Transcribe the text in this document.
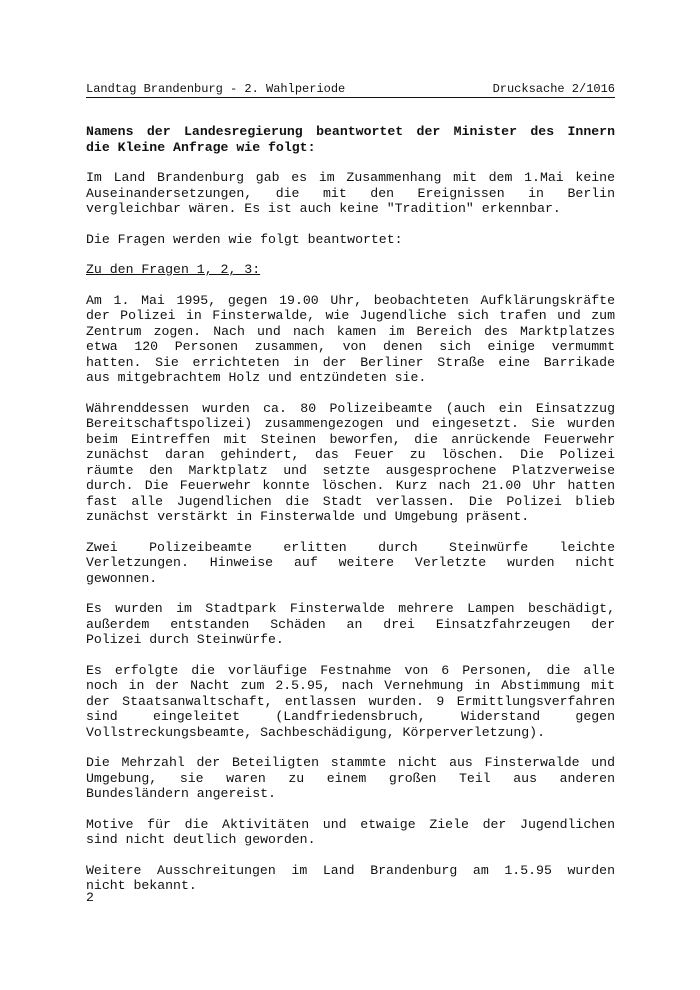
Landtag Brandenburg - 2. Wahlperiode	Drucksache 2/1016
Namens der Landesregierung beantwortet der Minister des Innern
die Kleine Anfrage wie folgt:
Im Land Brandenburg gab es im Zusammenhang mit dem 1.Mai keine
Auseinandersetzungen, die mit den Ereignissen in Berlin
vergleichbar wären. Es ist auch keine "Tradition" erkennbar.
Die Fragen werden wie folgt beantwortet:
Zu den Fragen 1, 2, 3:
Am 1. Mai 1995, gegen 19.00 Uhr, beobachteten Aufklärungskräfte
der Polizei in Finsterwalde, wie Jugendliche sich trafen und zum
Zentrum zogen. Nach und nach kamen im Bereich des Marktplatzes
etwa 120 Personen zusammen, von denen sich einige vermummt
hatten. Sie errichteten in der Berliner Straße eine Barrikade
aus mitgebrachtem Holz und entzündeten sie.
Währenddessen wurden ca. 80 Polizeibeamte (auch ein Einsatzzug
Bereitschaftspolizei) zusammengezogen und eingesetzt. Sie wurden
beim Eintreffen mit Steinen beworfen, die anrückende Feuerwehr
zunächst daran gehindert, das Feuer zu löschen. Die Polizei
räumte den Marktplatz und setzte ausgesprochene Platzverweise
durch. Die Feuerwehr konnte löschen. Kurz nach 21.00 Uhr hatten
fast alle Jugendlichen die Stadt verlassen. Die Polizei blieb
zunächst verstärkt in Finsterwalde und Umgebung präsent.
Zwei Polizeibeamte erlitten durch Steinwürfe leichte
Verletzungen. Hinweise auf weitere Verletzte wurden nicht
gewonnen.
Es wurden im Stadtpark Finsterwalde mehrere Lampen beschädigt,
außerdem entstanden Schäden an drei Einsatzfahrzeugen der
Polizei durch Steinwürfe.
Es erfolgte die vorläufige Festnahme von 6 Personen, die alle
noch in der Nacht zum 2.5.95, nach Vernehmung in Abstimmung mit
der Staatsanwaltschaft, entlassen wurden. 9 Ermittlungsverfahren
sind eingeleitet (Landfriedensbruch, Widerstand gegen
Vollstreckungsbeamte, Sachbeschädigung, Körperverletzung).
Die Mehrzahl der Beteiligten stammte nicht aus Finsterwalde und
Umgebung, sie waren zu einem großen Teil aus anderen
Bundesländern angereist.
Motive für die Aktivitäten und etwaige Ziele der Jugendlichen
sind nicht deutlich geworden.
Weitere Ausschreitungen im Land Brandenburg am 1.5.95 wurden
nicht bekannt.
2
